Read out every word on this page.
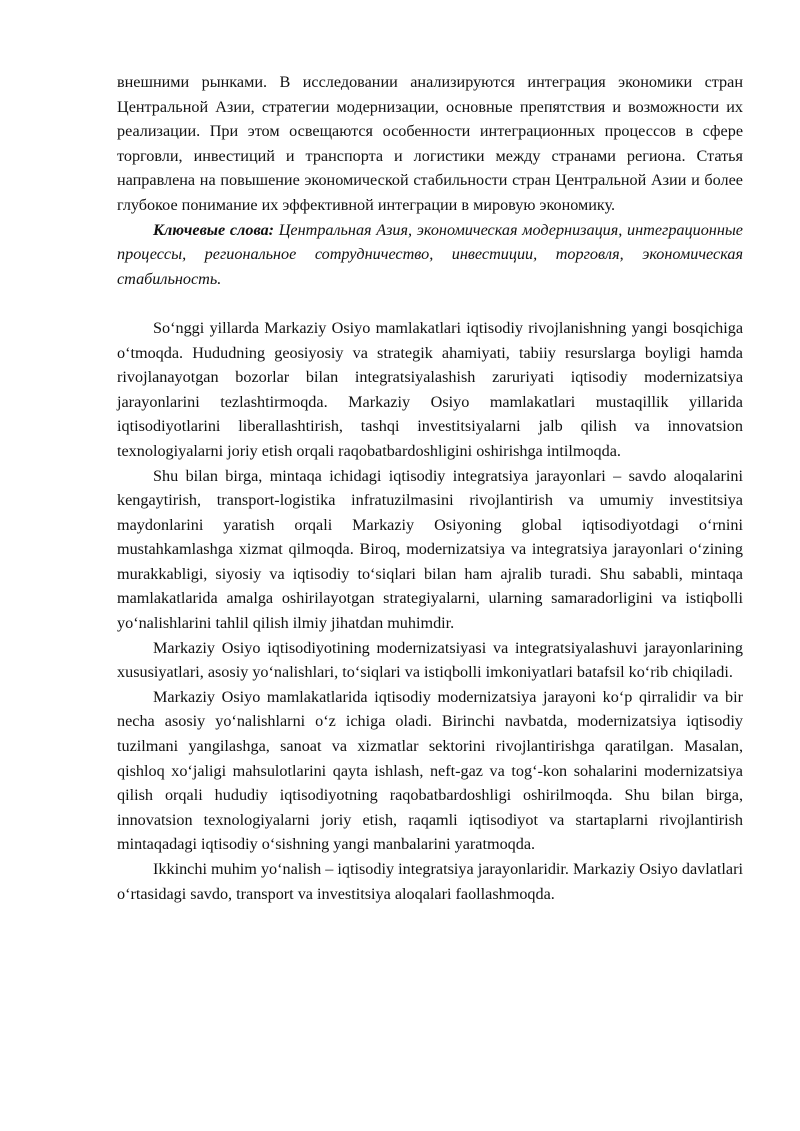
внешними рынками. В исследовании анализируются интеграция экономики стран Центральной Азии, стратегии модернизации, основные препятствия и возможности их реализации. При этом освещаются особенности интеграционных процессов в сфере торговли, инвестиций и транспорта и логистики между странами региона. Статья направлена на повышение экономической стабильности стран Центральной Азии и более глубокое понимание их эффективной интеграции в мировую экономику.

Ключевые слова: Центральная Азия, экономическая модернизация, интеграционные процессы, региональное сотрудничество, инвестиции, торговля, экономическая стабильность.

So‘nggi yillarda Markaziy Osiyo mamlakatlari iqtisodiy rivojlanishning yangi bosqichiga o‘tmoqda. Hududning geosiyosiy va strategik ahamiyati, tabiiy resurslarga boyligi hamda rivojlanayotgan bozorlar bilan integratsiyalashish zaruriyati iqtisodiy modernizatsiya jarayonlarini tezlashtirmoqda. Markaziy Osiyo mamlakatlari mustaqillik yillarida iqtisodiyotlarini liberallashtirish, tashqi investitsiyalarni jalb qilish va innovatsion texnologiyalarni joriy etish orqali raqobatbardoshligini oshirishga intilmoqda.

Shu bilan birga, mintaqa ichidagi iqtisodiy integratsiya jarayonlari – savdo aloqalarini kengaytirish, transport-logistika infratuzilmasini rivojlantirish va umumiy investitsiya maydonlarini yaratish orqali Markaziy Osiyoning global iqtisodiyotdagi o‘rnini mustahkamlashga xizmat qilmoqda. Biroq, modernizatsiya va integratsiya jarayonlari o‘zining murakkabligi, siyosiy va iqtisodiy to‘siqlari bilan ham ajralib turadi. Shu sababli, mintaqa mamlakatlarida amalga oshirilayotgan strategiyalarni, ularning samaradorligini va istiqbolli yo‘nalishlarini tahlil qilish ilmiy jihatdan muhimdir.

Markaziy Osiyo iqtisodiyotining modernizatsiyasi va integratsiyalashuvi jarayonlarining xususiyatlari, asosiy yo‘nalishlari, to‘siqlari va istiqbolli imkoniyatlari batafsil ko‘rib chiqiladi.

Markaziy Osiyo mamlakatlarida iqtisodiy modernizatsiya jarayoni ko‘p qirralidir va bir necha asosiy yo‘nalishlarni o‘z ichiga oladi. Birinchi navbatda, modernizatsiya iqtisodiy tuzilmani yangilashga, sanoat va xizmatlar sektorini rivojlantirishga qaratilgan. Masalan, qishloq xo‘jaligi mahsulotlarini qayta ishlash, neft-gaz va tog‘-kon sohalarini modernizatsiya qilish orqali hududiy iqtisodiyotning raqobatbardoshligi oshirilmoqda. Shu bilan birga, innovatsion texnologiyalarni joriy etish, raqamli iqtisodiyot va startaplarni rivojlantirish mintaqadagi iqtisodiy o‘sishning yangi manbalarini yaratmoqda.

Ikkinchi muhim yo‘nalish – iqtisodiy integratsiya jarayonlaridir. Markaziy Osiyo davlatlari o‘rtasidagi savdo, transport va investitsiya aloqalari faollashmoqda.
